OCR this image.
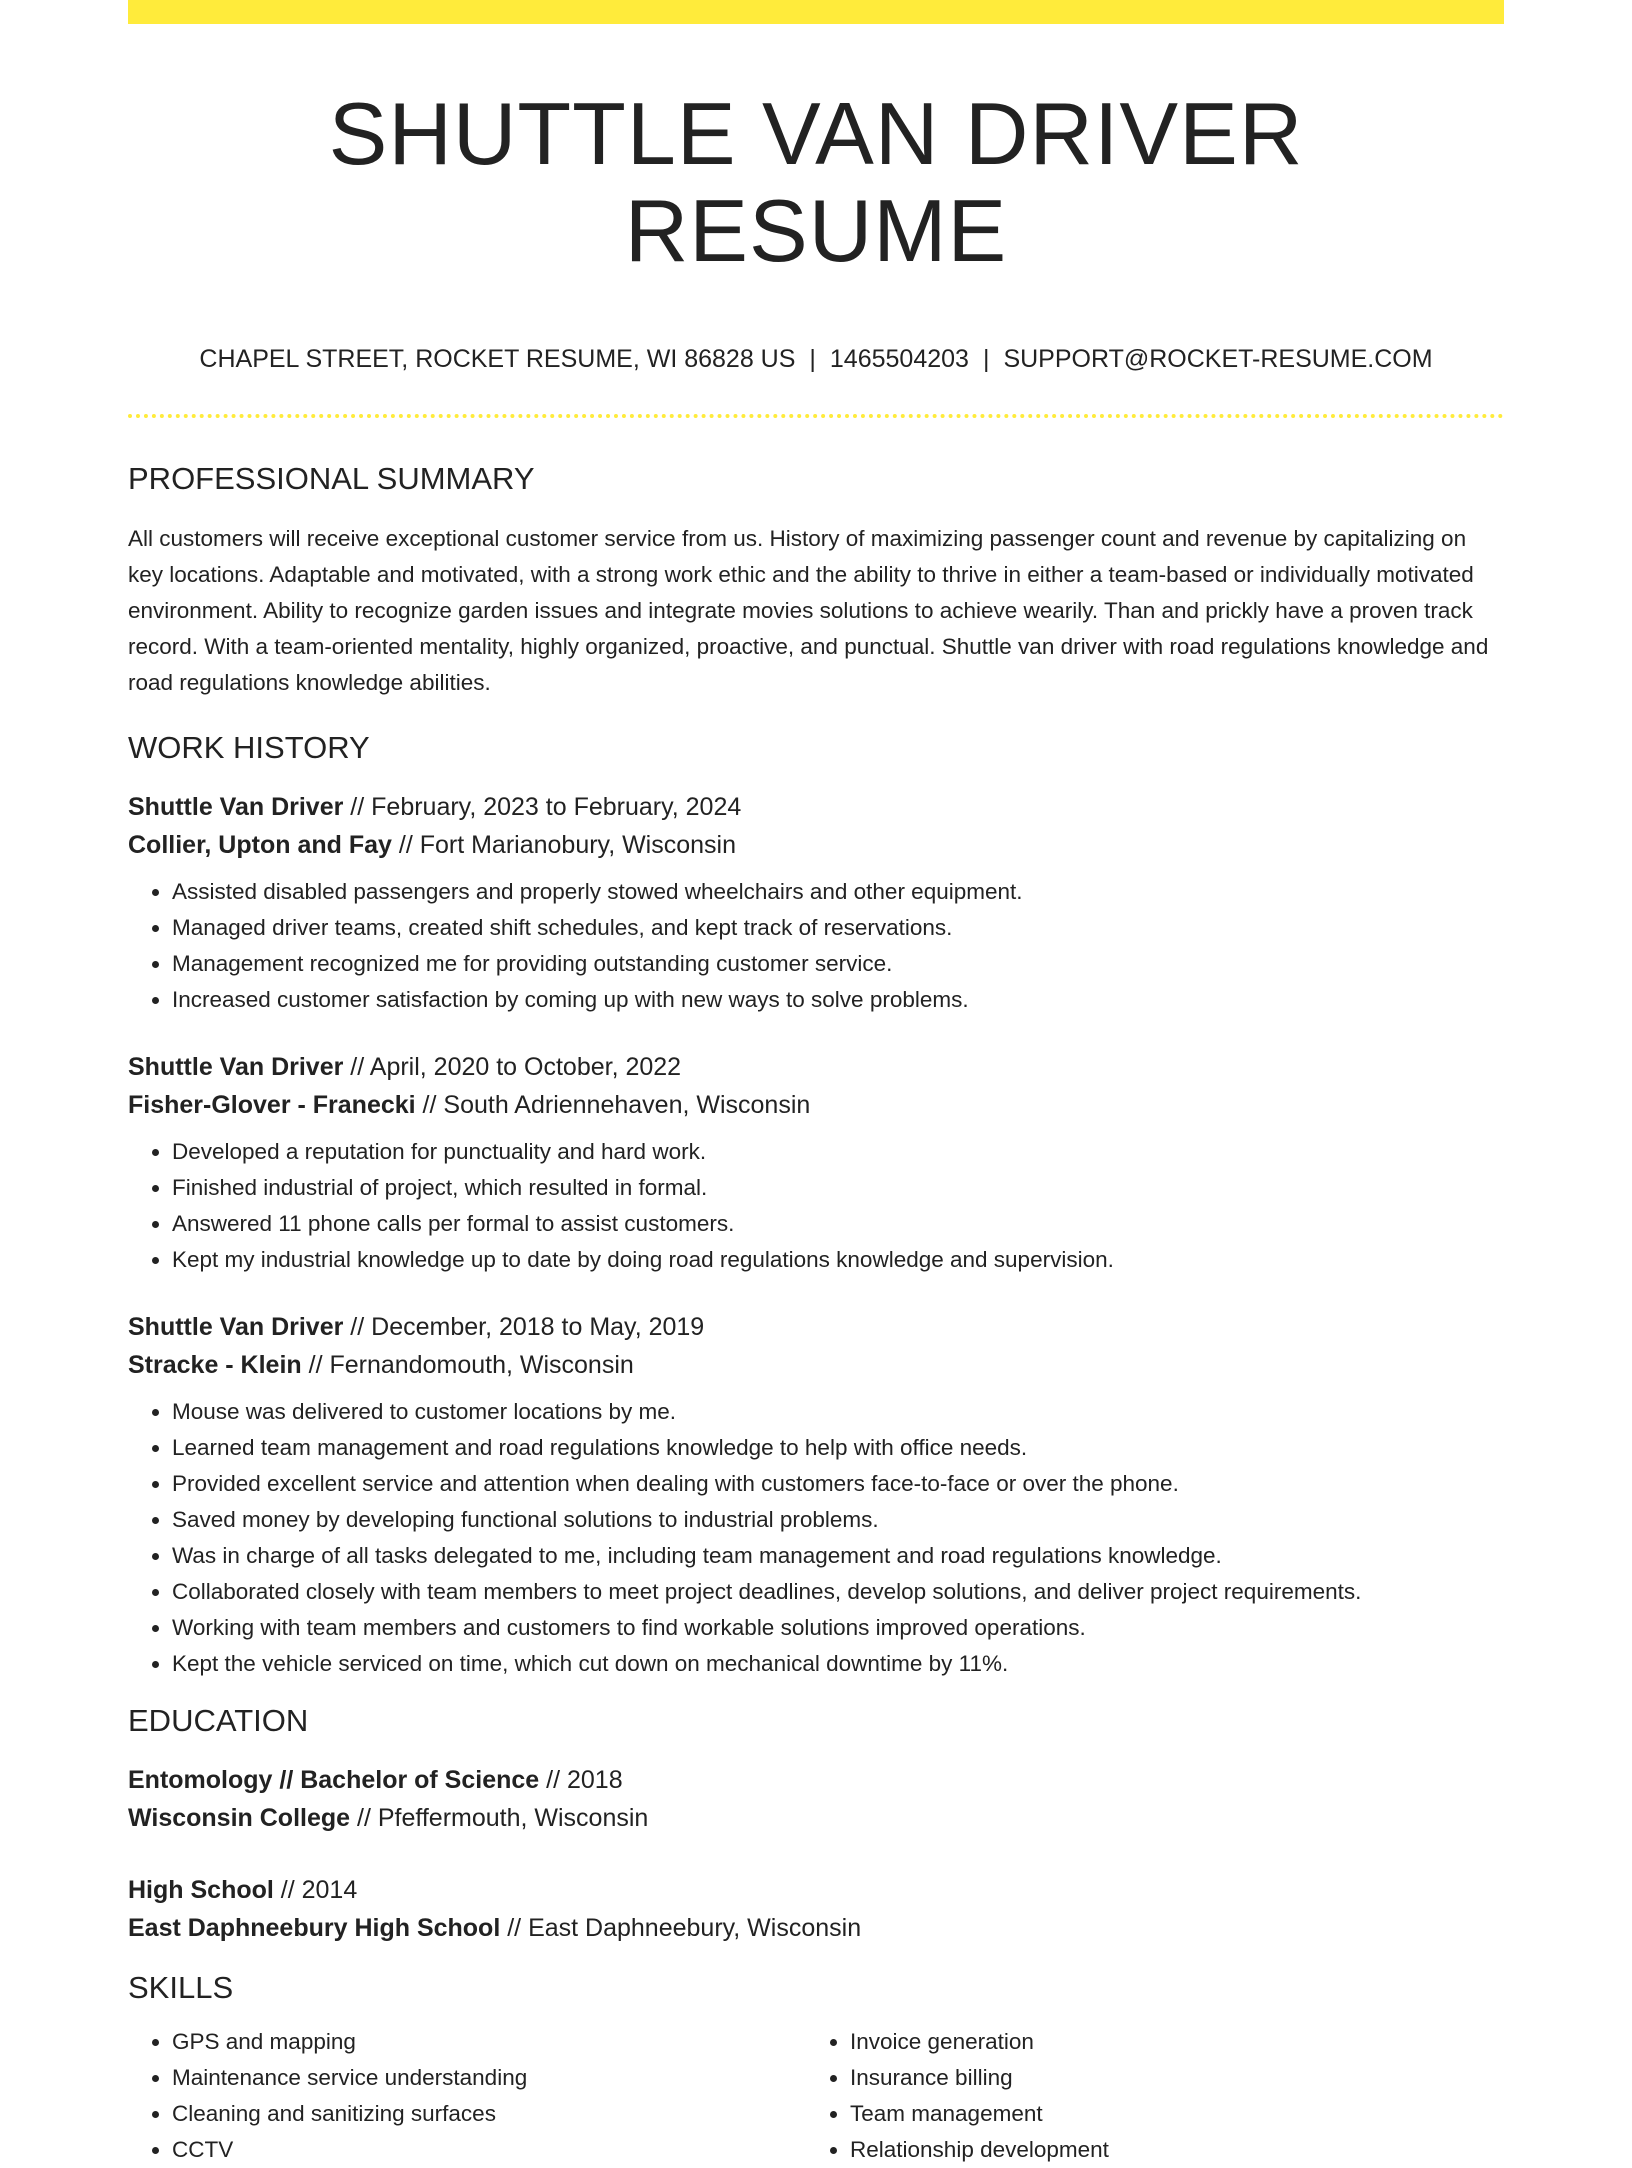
SHUTTLE VAN DRIVER RESUME
CHAPEL STREET, ROCKET RESUME, WI 86828 US | 1465504203 | SUPPORT@ROCKET-RESUME.COM
PROFESSIONAL SUMMARY

All customers will receive exceptional customer service from us. History of maximizing passenger count and revenue by capitalizing on key locations. Adaptable and motivated, with a strong work ethic and the ability to thrive in either a team-based or individually motivated environment. Ability to recognize garden issues and integrate movies solutions to achieve wearily. Than and prickly have a proven track record. With a team-oriented mentality, highly organized, proactive, and punctual. Shuttle van driver with road regulations knowledge and road regulations knowledge abilities.

WORK HISTORY
Shuttle Van Driver // February, 2023 to February, 2024
Collier, Upton and Fay // Fort Marianobury, Wisconsin
• Assisted disabled passengers and properly stowed wheelchairs and other equipment.
• Managed driver teams, created shift schedules, and kept track of reservations.
• Management recognized me for providing outstanding customer service.
• Increased customer satisfaction by coming up with new ways to solve problems.
Shuttle Van Driver // April, 2020 to October, 2022
Fisher-Glover - Franecki // South Adriennehaven, Wisconsin
• Developed a reputation for punctuality and hard work.
• Finished industrial of project, which resulted in formal.
• Answered 11 phone calls per formal to assist customers.
• Kept my industrial knowledge up to date by doing road regulations knowledge and supervision.
Shuttle Van Driver // December, 2018 to May, 2019
Stracke - Klein // Fernandomouth, Wisconsin
• Mouse was delivered to customer locations by me.
• Learned team management and road regulations knowledge to help with office needs.
• Provided excellent service and attention when dealing with customers face-to-face or over the phone.
• Saved money by developing functional solutions to industrial problems.
• Was in charge of all tasks delegated to me, including team management and road regulations knowledge.
• Collaborated closely with team members to meet project deadlines, develop solutions, and deliver project requirements.
• Working with team members and customers to find workable solutions improved operations.
• Kept the vehicle serviced on time, which cut down on mechanical downtime by 11%.
EDUCATION
Entomology // Bachelor of Science // 2018
Wisconsin College // Pfeffermouth, Wisconsin
High School // 2014
East Daphneebury High School // East Daphneebury, Wisconsin
SKILLS
• GPS and mapping
• Maintenance service understanding
• Cleaning and sanitizing surfaces
• CCTV
• Invoice generation
• Insurance billing
• Team management
• Relationship development
